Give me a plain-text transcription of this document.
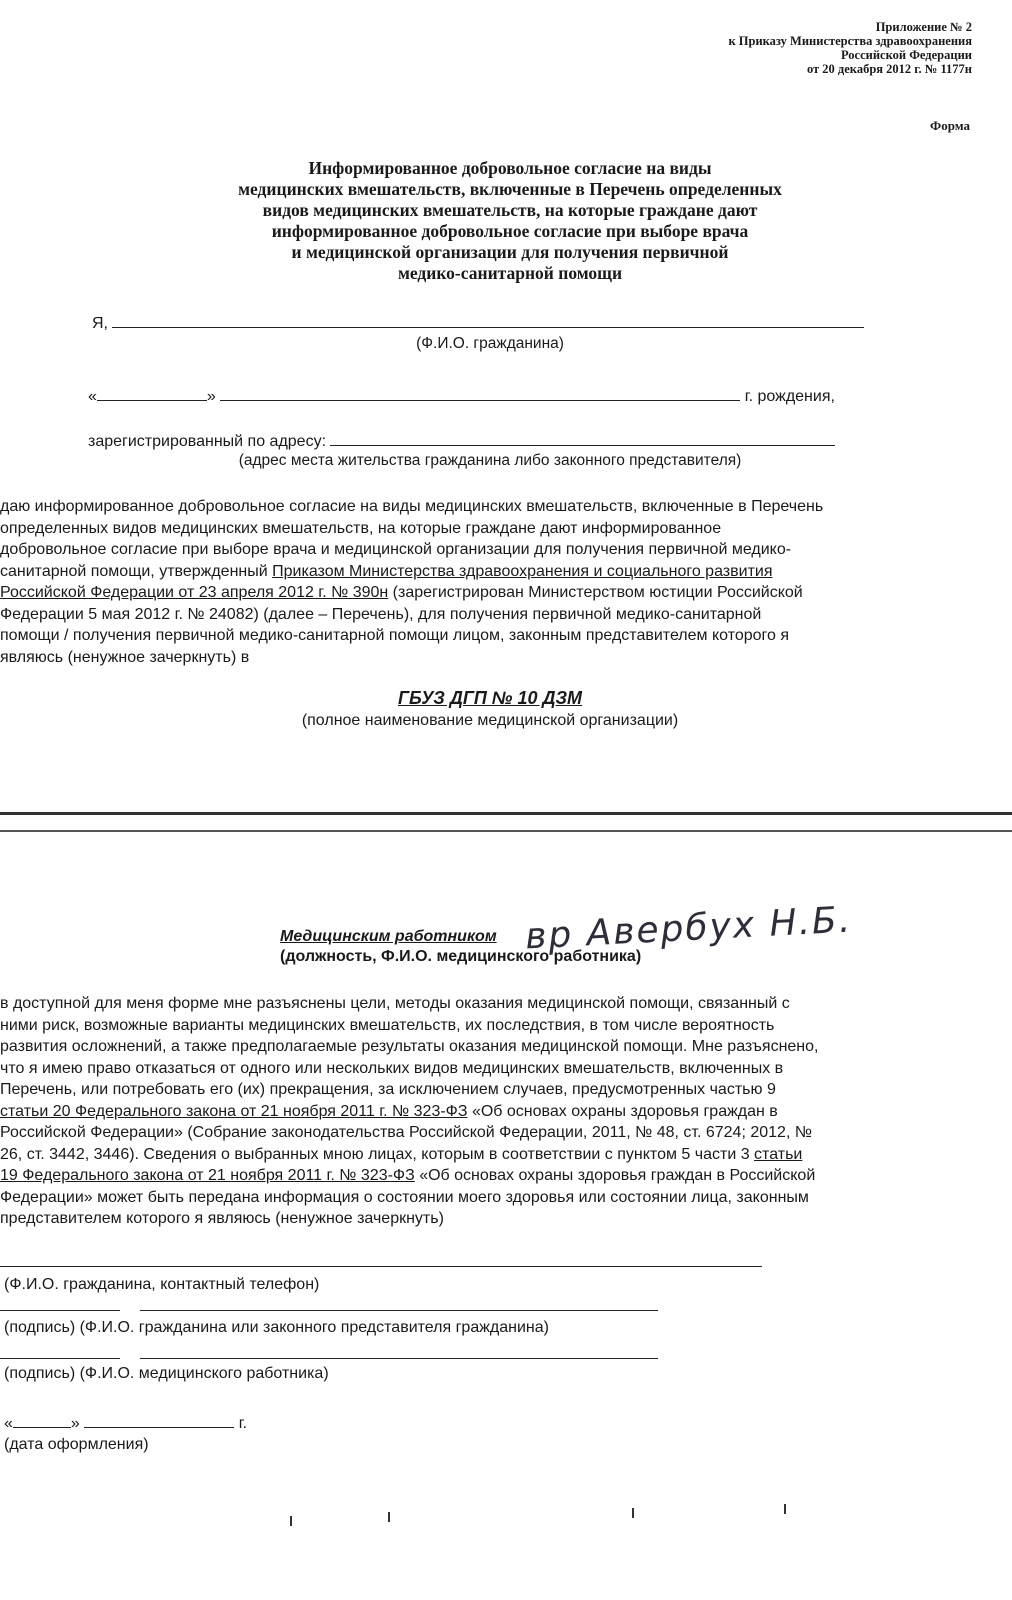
Приложение № 2
к Приказу Министерства здравоохранения
Российской Федерации
от 20 декабря 2012 г. № 1177н
Форма
Информированное добровольное согласие на виды
медицинских вмешательств, включенные в Перечень определенных
видов медицинских вмешательств, на которые граждане дают
информированное добровольное согласие при выборе врача
и медицинской организации для получения первичной
медико-санитарной помощи
Я,
(Ф.И.О. гражданина)
«	»	г. рождения,
зарегистрированный по адресу:
(адрес места жительства гражданина либо законного представителя)

даю информированное добровольное согласие на виды медицинских вмешательств, включенные в Перечень

определенных видов медицинских вмешательств, на которые граждане дают информированное

добровольное согласие при выборе врача и медицинской организации для получения первичной медико-

санитарной помощи, утвержденный Приказом Министерства здравоохранения и социального развития

Российской Федерации от 23 апреля 2012 г. № 390н (зарегистрирован Министерством юстиции Российской

Федерации 5 мая 2012 г. № 24082) (далее – Перечень), для получения первичной медико-санитарной

помощи / получения первичной медико-санитарной помощи лицом, законным представителем которого я

являюсь (ненужное зачеркнуть) в

ГБУЗ ДГП № 10 ДЗМ
(полное наименование медицинской организации)
Медицинским работником вр Авербух Н.Б.
(должность, Ф.И.О. медицинского работника)

в доступной для меня форме мне разъяснены цели, методы оказания медицинской помощи, связанный с

ними риск, возможные варианты медицинских вмешательств, их последствия, в том числе вероятность

развития осложнений, а также предполагаемые результаты оказания медицинской помощи. Мне разъяснено,

что я имею право отказаться от одного или нескольких видов медицинских вмешательств, включенных в

Перечень, или потребовать его (их) прекращения, за исключением случаев, предусмотренных частью 9

статьи 20 Федерального закона от 21 ноября 2011 г. № 323-ФЗ «Об основах охраны здоровья граждан в

Российской Федерации» (Собрание законодательства Российской Федерации, 2011, № 48, ст. 6724; 2012, №

26, ст. 3442, 3446). Сведения о выбранных мною лицах, которым в соответствии с пунктом 5 части 3 статьи

19 Федерального закона от 21 ноября 2011 г. № 323-ФЗ «Об основах охраны здоровья граждан в Российской

Федерации» может быть передана информация о состоянии моего здоровья или состоянии лица, законным

представителем которого я являюсь (ненужное зачеркнуть)

(Ф.И.О. гражданина, контактный телефон)
(подпись) (Ф.И.О. гражданина или законного представителя гражданина)
(подпись) (Ф.И.О. медицинского работника)
«	»	г.
(дата оформления)
